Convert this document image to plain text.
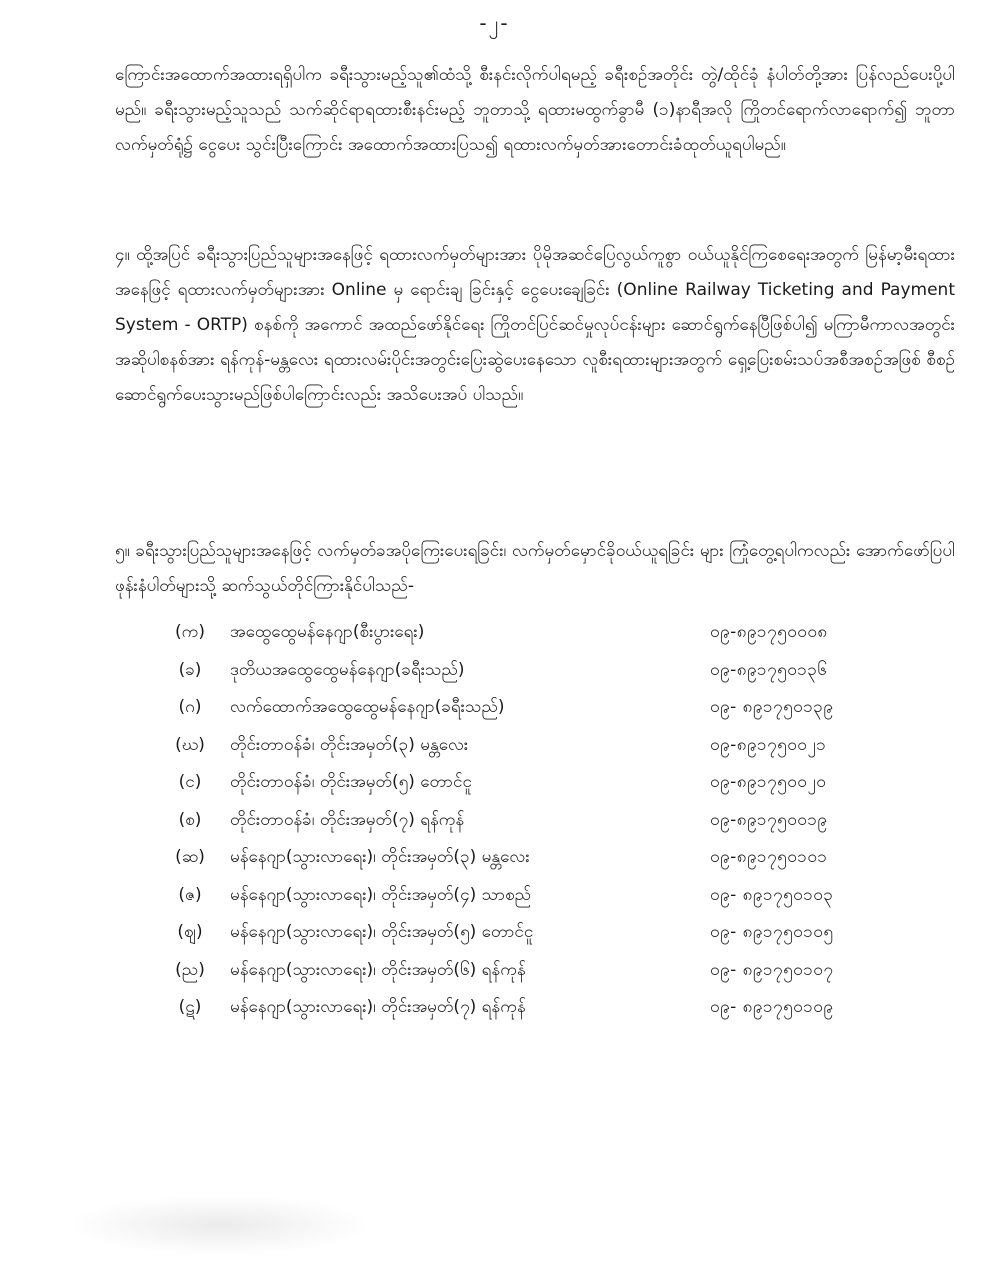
-၂-

ကြောင်းအထောက်အထားရရှိပါက ခရီးသွားမည့်သူ၏ထံသို့ စီးနင်းလိုက်ပါရမည့် ခရီးစဉ်အတိုင်း တွဲ/ထိုင်ခုံ နံပါတ်တို့အား ပြန်လည်ပေးပို့ပါမည်။ ခရီးသွားမည့်သူသည် သက်ဆိုင်ရာရထားစီးနင်းမည့် ဘူတာသို့ ရထားမထွက်ခွာမီ (၁)နာရီအလို ကြိုတင်ရောက်လာရောက်၍ ဘူတာလက်မှတ်ရုံ၌ ငွေပေး သွင်းပြီးကြောင်း အထောက်အထားပြသ၍ ရထားလက်မှတ်အားတောင်းခံထုတ်ယူရပါမည်။

၄။ ထို့အပြင် ခရီးသွားပြည်သူများအနေဖြင့် ရထားလက်မှတ်များအား ပိုမိုအဆင်ပြေလွယ်ကူစွာ ဝယ်ယူနိုင်ကြစေရေးအတွက် မြန်မာ့မီးရထားအနေဖြင့် ရထားလက်မှတ်များအား Online မှ ရောင်းချ ခြင်းနှင့် ငွေပေးချေခြင်း (Online Railway Ticketing and Payment System - ORTP) စနစ်ကို အကောင် အထည်ဖော်နိုင်ရေး ကြိုတင်ပြင်ဆင်မှုလုပ်ငန်းများ ဆောင်ရွက်နေပြီဖြစ်ပါ၍ မကြာမီကာလအတွင်း အဆိုပါစနစ်အား ရန်ကုန်-မန္တလေး ရထားလမ်းပိုင်းအတွင်းပြေးဆွဲပေးနေသော လူစီးရထားများအတွက် ရှေ့ပြေးစမ်းသပ်အစီအစဉ်အဖြစ် စီစဉ်ဆောင်ရွက်ပေးသွားမည်ဖြစ်ပါကြောင်းလည်း အသိပေးအပ် ပါသည်။

၅။ ခရီးသွားပြည်သူများအနေဖြင့် လက်မှတ်ခအပိုကြေးပေးရခြင်း၊ လက်မှတ်မှောင်ခိုဝယ်ယူရခြင်း များ ကြုံတွေ့ရပါကလည်း အောက်ဖော်ပြပါ ဖုန်းနံပါတ်များသို့ ဆက်သွယ်တိုင်ကြားနိုင်ပါသည်-

(က)	အထွေထွေမန်နေဂျာ(စီးပွားရေး)	၀၉-၈၉၁၇၅၀၀၀၈
(ခ)	ဒုတိယအထွေထွေမန်နေဂျာ(ခရီးသည်)	၀၉-၈၉၁၇၅၀၁၃၆
(ဂ)	လက်ထောက်အထွေထွေမန်နေဂျာ(ခရီးသည်)	၀၉- ၈၉၁၇၅၀၁၃၉
(ဃ)	တိုင်းတာဝန်ခံ၊ တိုင်းအမှတ်(၃) မန္တလေး	၀၉-၈၉၁၇၅၀၀၂၁
(င)	တိုင်းတာဝန်ခံ၊ တိုင်းအမှတ်(၅) တောင်ငူ	၀၉-၈၉၁၇၅၀၀၂၀
(စ)	တိုင်းတာဝန်ခံ၊ တိုင်းအမှတ်(၇) ရန်ကုန်	၀၉-၈၉၁၇၅၀၀၁၉
(ဆ)	မန်နေဂျာ(သွားလာရေး)၊ တိုင်းအမှတ်(၃) မန္တလေး	၀၉-၈၉၁၇၅၀၁၀၁
(ဇ)	မန်နေဂျာ(သွားလာရေး)၊ တိုင်းအမှတ်(၄) သာစည်	၀၉- ၈၉၁၇၅၀၁၀၃
(ဈ)	မန်နေဂျာ(သွားလာရေး)၊ တိုင်းအမှတ်(၅) တောင်ငူ	၀၉- ၈၉၁၇၅၀၁၀၅
(ည)	မန်နေဂျာ(သွားလာရေး)၊ တိုင်းအမှတ်(၆) ရန်ကုန်	၀၉- ၈၉၁၇၅၀၁၀၇
(ဋ)	မန်နေဂျာ(သွားလာရေး)၊ တိုင်းအမှတ်(၇) ရန်ကုန်	၀၉- ၈၉၁၇၅၀၁၀၉
